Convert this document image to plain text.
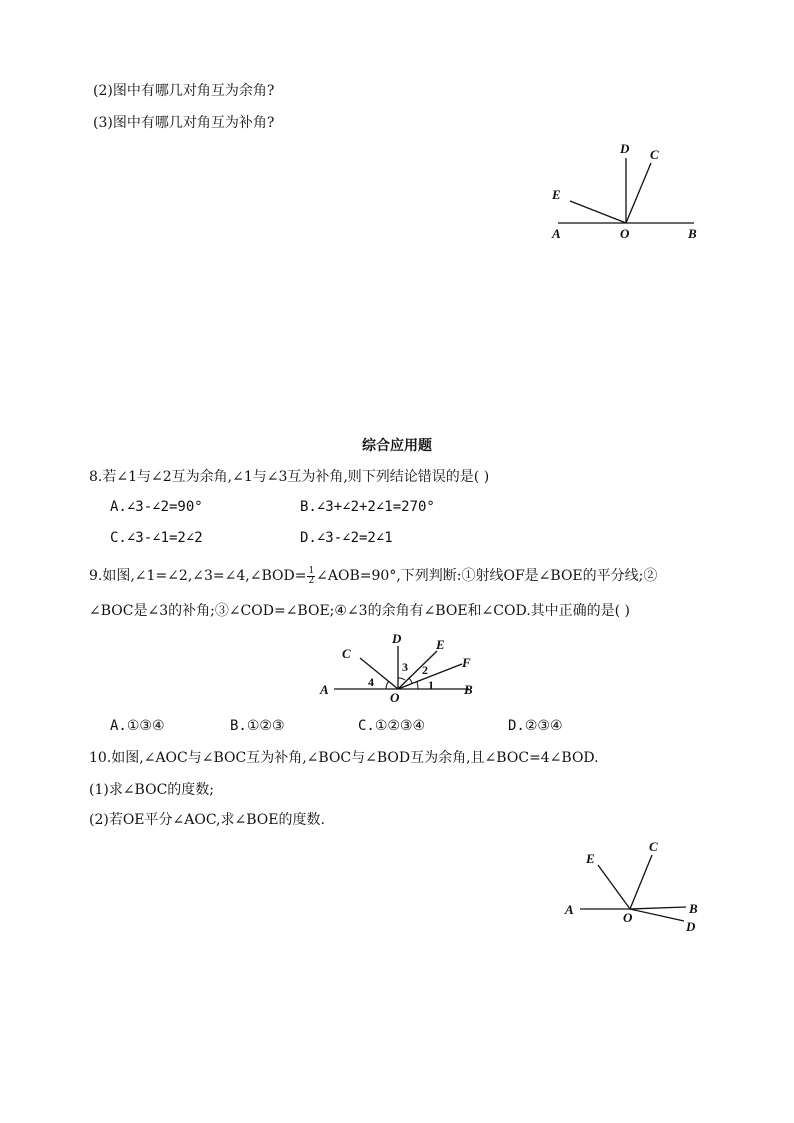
(2)图中有哪几对角互为余角?
(3)图中有哪几对角互为补角?
D C
E
A	O	B
综合应用题
8.若∠1与∠2互为余角,∠1与∠3互为补角,则下列结论错误的是( )
A.∠3-∠2=90°	B.∠3+∠2+2∠1=270°
C.∠3-∠1=2∠2	D.∠3-∠2=2∠1
9.如图,∠1=∠2,∠3=∠4,∠BOD= $\frac{1}{2}$ ∠AOB=90°,下列判断:①射线OF是∠BOE的平分线;②
∠BOC是∠3的补角;③∠COD=∠BOE;④∠3的余角有∠BOE和∠COD.其中正确的是( )
C
D	E
F
A
O
B
1
2
3
4
A.①③④	B.①②③	C.①②③④	D.②③④
10.如图,∠AOC与∠BOC互为补角,∠BOC与∠BOD互为余角,且∠BOC=4∠BOD.
(1)求∠BOC的度数;
(2)若OE平分∠AOC,求∠BOE的度数.
E
C
A
O
B
D
